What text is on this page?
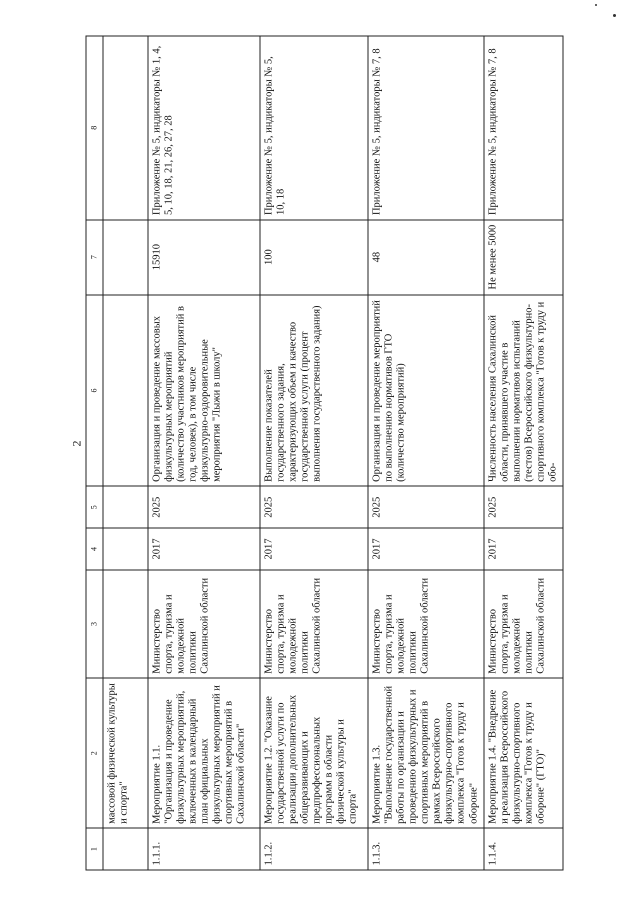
2
1	2	3	4	5	6	7	8
	массовой физической культуры и спорта"						
1.1.1.	Мероприятие 1.1. "Организация и проведение физкультурных мероприятий, включенных в календарный план официальных физкультурных мероприятий и спортивных мероприятий в Сахалинской области"	Министерство спорта, туризма и молодежной политики Сахалинской области	2017	2025	Организация и проведение массовых физкультурных мероприятий (количество участников мероприятий в год, человек), в том числе физкультурно-оздоровительные мероприятия "Лыжи в школу"	15910	Приложение № 5, индикаторы № 1, 4, 5, 10, 18, 21, 26, 27, 28
1.1.2.	Мероприятие 1.2. "Оказание государственной услуги по реализации дополнительных общеразвивающих и предпрофессиональных программ в области физической культуры и спорта"	Министерство спорта, туризма и молодежной политики Сахалинской области	2017	2025	Выполнение показателей государственного задания, характеризующих объем и качество государственной услуги (процент выполнения государственного задания)	100	Приложение № 5, индикаторы № 5, 10, 18
1.1.3.	Мероприятие 1.3. "Выполнение государственной работы по организации и проведению физкультурных и спортивных мероприятий в рамках Всероссийского физкультурно-спортивного комплекса "Готов к труду и обороне"	Министерство спорта, туризма и молодежной политики Сахалинской области	2017	2025	Организация и проведение мероприятий по выполнению нормативов ГТО (количество мероприятий)	48	Приложение № 5, индикаторы № 7, 8
1.1.4.	Мероприятие 1.4. "Внедрение и реализация Всероссийского физкультурно-спортивного комплекса "Готов к труду и обороне" (ГТО)"	Министерство спорта, туризма и молодежной политики Сахалинской области	2017	2025	Численность населения Сахалинской области, принявшего участие в выполнении нормативов испытаний (тестов) Всероссийского физкультурно-спортивного комплекса "Готов к труду и обо-	Не менее 5000	Приложение № 5, индикаторы № 7, 8
